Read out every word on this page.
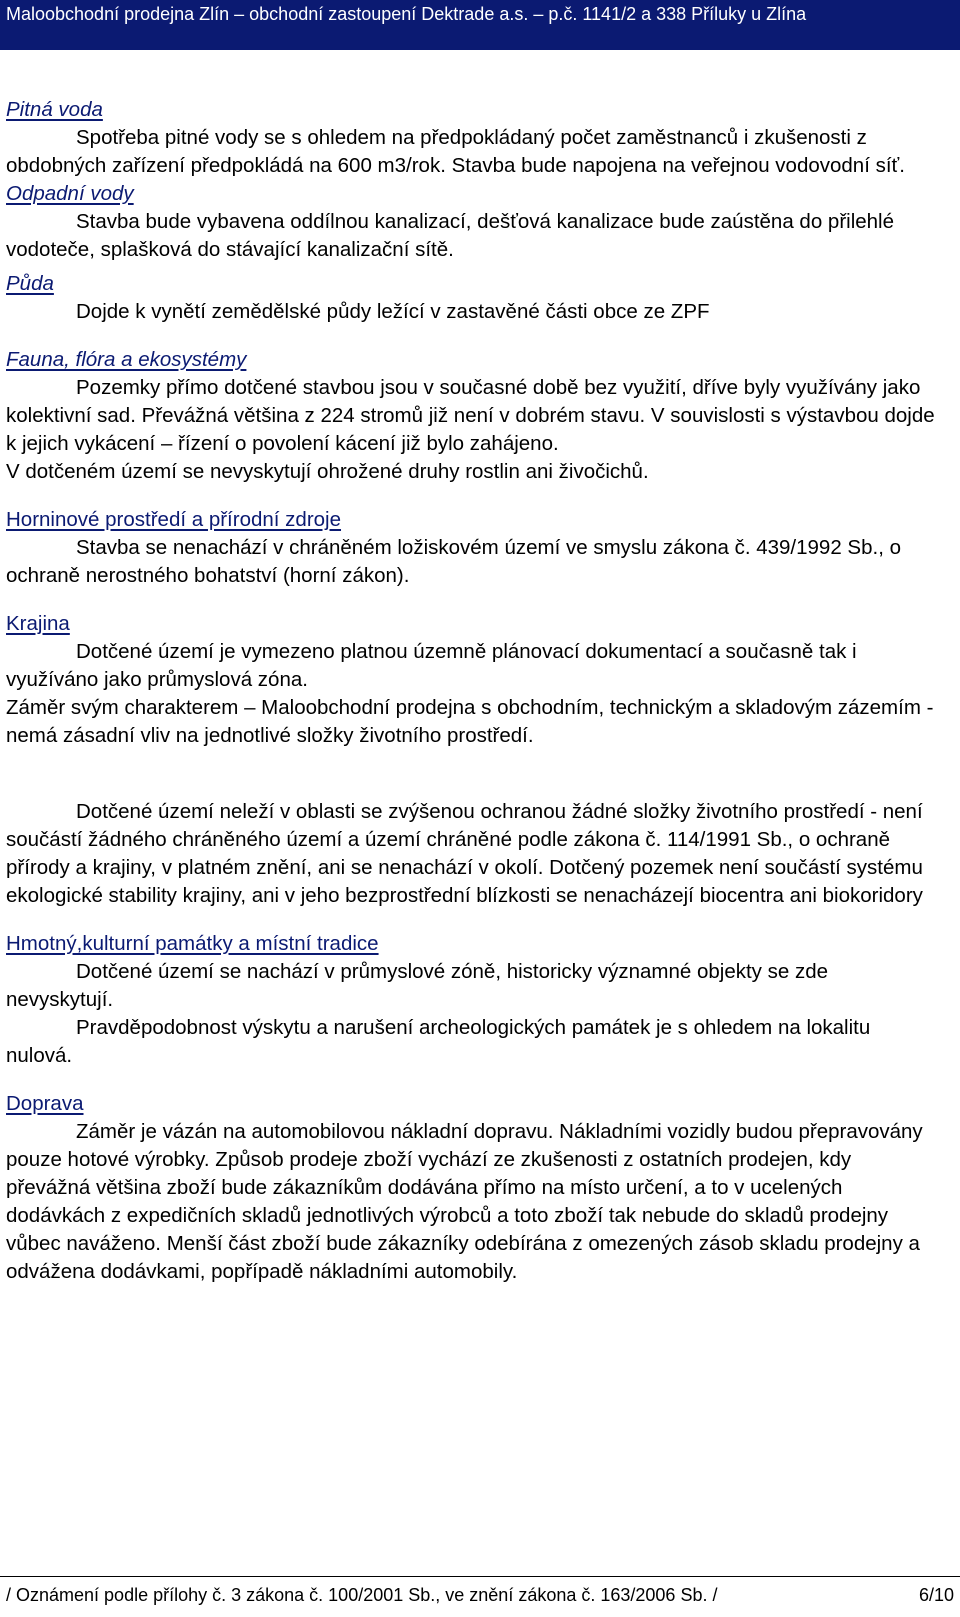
Maloobchodní prodejna Zlín – obchodní zastoupení Dektrade a.s. – p.č. 1141/2 a 338 Příluky u Zlína

Pitná voda

Spotřeba pitné vody se s ohledem na předpokládaný počet zaměstnanců i zkušenosti z obdobných zařízení předpokládá na 600 m3/rok. Stavba bude napojena na veřejnou vodovodní síť.

Odpadní vody

Stavba bude vybavena oddílnou kanalizací, dešťová kanalizace bude zaústěna do přilehlé vodoteče, splašková do stávající kanalizační sítě.

Půda

Dojde k vynětí zemědělské půdy ležící v zastavěné části obce ze ZPF

Fauna, flóra a ekosystémy

Pozemky přímo dotčené stavbou jsou v současné době bez využití, dříve byly využívány jako kolektivní sad. Převážná většina z 224 stromů již není v dobrém stavu. V souvislosti s výstavbou dojde k jejich vykácení – řízení o povolení kácení již bylo zahájeno.

V dotčeném území se nevyskytují ohrožené druhy rostlin ani živočichů.

Horninové prostředí a přírodní zdroje

Stavba se nenachází v chráněném ložiskovém území ve smyslu zákona č. 439/1992 Sb., o ochraně nerostného bohatství (horní zákon).

Krajina

Dotčené území je vymezeno platnou územně plánovací dokumentací a současně tak i využíváno jako průmyslová zóna.

Záměr svým charakterem – Maloobchodní prodejna s obchodním, technickým a skladovým zázemím - nemá zásadní vliv na jednotlivé složky životního prostředí.

Dotčené území neleží v oblasti se zvýšenou ochranou žádné složky životního prostředí - není součástí žádného chráněného území a území chráněné podle zákona č. 114/1991 Sb., o ochraně přírody a krajiny, v platném znění, ani se nenachází v okolí. Dotčený pozemek není součástí systému ekologické stability krajiny, ani v jeho bezprostřední blízkosti se nenacházejí biocentra ani biokoridory

Hmotný,kulturní památky a místní tradice

Dotčené území se nachází v průmyslové zóně, historicky významné objekty se zde nevyskytují.

Pravděpodobnost výskytu a narušení archeologických památek je s ohledem na lokalitu nulová.

Doprava

Záměr je vázán na automobilovou nákladní dopravu. Nákladními vozidly budou přepravovány pouze hotové výrobky. Způsob prodeje zboží vychází ze zkušenosti z ostatních prodejen, kdy převážná většina zboží bude zákazníkům dodávána přímo na místo určení, a to v ucelených dodávkách z expedičních skladů jednotlivých výrobců a toto zboží tak nebude do skladů prodejny vůbec naváženo. Menší část zboží bude zákazníky odebírána z omezených zásob skladu prodejny a odvážena dodávkami, popřípadě nákladními automobily.

/ Oznámení podle přílohy č. 3 zákona č. 100/2001 Sb., ve znění zákona č. 163/2006 Sb. /	6/10
